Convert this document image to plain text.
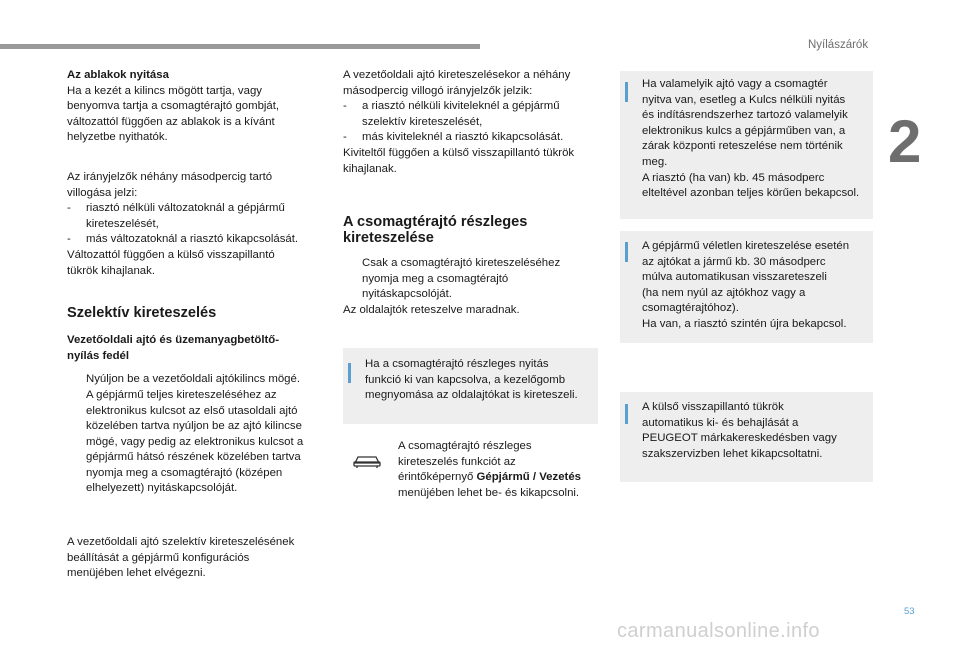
Nyílászárók
2
Az ablakok nyitása
Ha a kezét a kilincs mögött tartja, vagy
benyomva tartja a csomagtérajtó gombját,
változattól függően az ablakok is a kívánt
helyzetbe nyithatók.
Az irányjelzők néhány másodpercig tartó
villogása jelzi:
-	riasztó nélküli változatoknál a gépjármű
kireteszelését,
-	más változatoknál a riasztó kikapcsolását.
Változattól függően a külső visszapillantó
tükrök kihajlanak.
Szelektív kireteszelés
Vezetőoldali ajtó és üzemanyagbetöltő-
nyílás fedél
Nyúljon be a vezetőoldali ajtókilincs mögé.
A gépjármű teljes kireteszeléséhez az
elektronikus kulcsot az első utasoldali ajtó
közelében tartva nyúljon be az ajtó kilincse
mögé, vagy pedig az elektronikus kulcsot a
gépjármű hátsó részének közelében tartva
nyomja meg a csomagtérajtó (középen
elhelyezett) nyitáskapcsolóját.
A vezetőoldali ajtó szelektív kireteszelésének
beállítását a gépjármű konfigurációs
menüjében lehet elvégezni.
A vezetőoldali ajtó kireteszelésekor a néhány
másodpercig villogó irányjelzők jelzik:
-	a riasztó nélküli kiviteleknél a gépjármű
szelektív kireteszelését,
-	más kiviteleknél a riasztó kikapcsolását.
Kiviteltől függően a külső visszapillantó tükrök
kihajlanak.
A csomagtérajtó részleges
kireteszelése
Csak a csomagtérajtó kireteszeléséhez
nyomja meg a csomagtérajtó
nyitáskapcsolóját.
Az oldalajtók reteszelve maradnak.
Ha a csomagtérajtó részleges nyitás
funkció ki van kapcsolva, a kezelőgomb
megnyomása az oldalajtókat is kireteszeli.
A csomagtérajtó részleges
kireteszelés funkciót az
érintőképernyő Gépjármű / Vezetés
menüjében lehet be- és kikapcsolni.
Ha valamelyik ajtó vagy a csomagtér
nyitva van, esetleg a Kulcs nélküli nyitás
és indításrendszerhez tartozó valamelyik
elektronikus kulcs a gépjárműben van, a
zárak központi reteszelése nem történik
meg.
A riasztó (ha van) kb. 45 másodperc
elteltével azonban teljes körűen bekapcsol.
A gépjármű véletlen kireteszelése esetén
az ajtókat a jármű kb. 30 másodperc
múlva automatikusan visszareteszeli
(ha nem nyúl az ajtókhoz vagy a
csomagtérajtóhoz).
Ha van, a riasztó szintén újra bekapcsol.
A külső visszapillantó tükrök
automatikus ki- és behajlását a
PEUGEOT márkakereskedésben vagy
szakszervizben lehet kikapcsoltatni.
53
carmanualsonline.info
